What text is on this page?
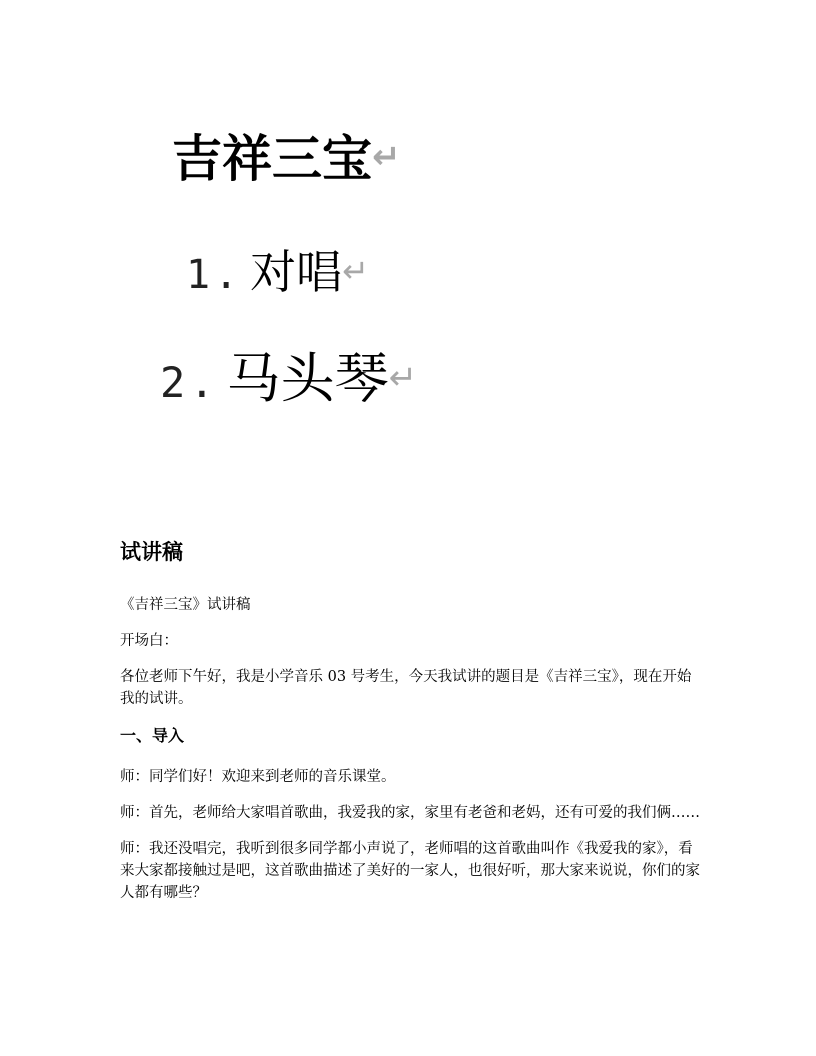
吉祥三宝↵
1. 对唱↵
2. 马头琴↵
试讲稿

《吉祥三宝》试讲稿

开场白：

各位老师下午好，我是小学音乐 03 号考生，今天我试讲的题目是《吉祥三宝》，现在开始我的试讲。

一、导入

师：同学们好！欢迎来到老师的音乐课堂。

师：首先，老师给大家唱首歌曲，我爱我的家，家里有老爸和老妈，还有可爱的我们俩……

师：我还没唱完，我听到很多同学都小声说了，老师唱的这首歌曲叫作《我爱我的家》，看来大家都接触过是吧，这首歌曲描述了美好的一家人，也很好听，那大家来说说，你们的家人都有哪些？
